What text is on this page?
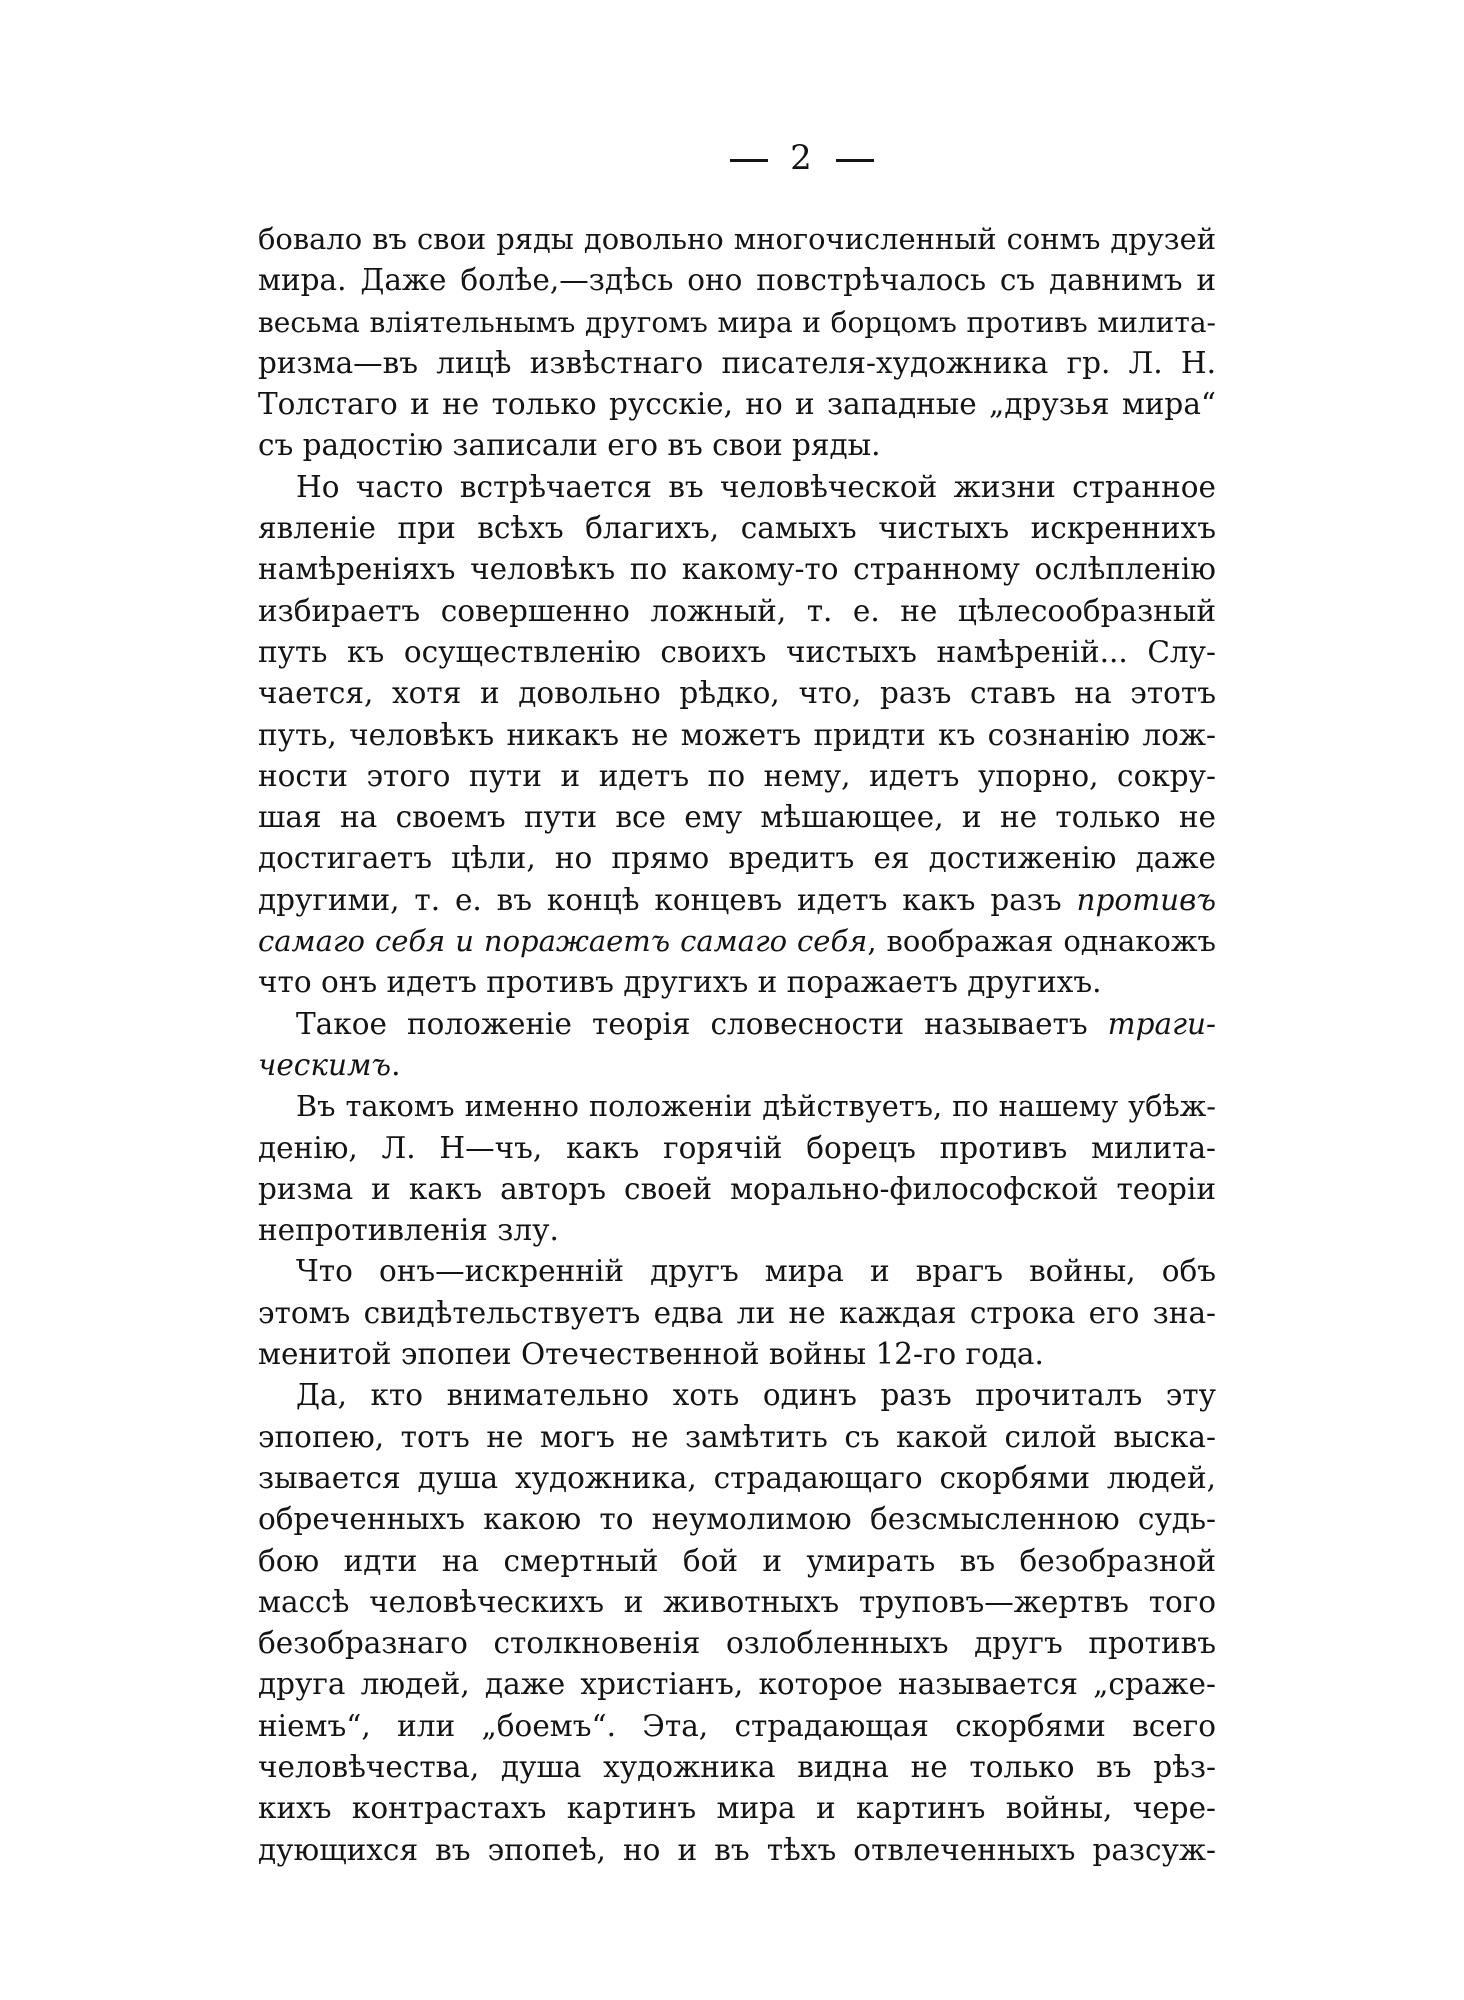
2
бовало въ свои ряды довольно многочисленный сонмъ друзей
мира. Даже болѣе,—здѣсь оно повстрѣчалось съ давнимъ и
весьма влiятельнымъ другомъ мира и борцомъ противъ милита-
ризма—въ лицѣ извѣстнаго писателя-художника гр. Л. Н.
Толстаго и не только русскiе, но и западные „друзья мира“
съ радостiю записали его въ свои ряды.
Но часто встрѣчается въ человѣческой жизни странное
явленiе при всѣхъ благихъ, самыхъ чистыхъ искреннихъ
намѣренiяхъ человѣкъ по какому-то странному ослѣпленiю
избираетъ совершенно ложный, т. е. не цѣлесообразный
путь къ осуществленiю своихъ чистыхъ намѣренiй... Слу-
чается, хотя и довольно рѣдко, что, разъ ставъ на этотъ
путь, человѣкъ никакъ не можетъ придти къ сознанiю лож-
ности этого пути и идетъ по нему, идетъ упорно, сокру-
шая на своемъ пути все ему мѣшающее, и не только не
достигаетъ цѣли, но прямо вредитъ ея достиженiю даже
другими, т. е. въ концѣ концевъ идетъ какъ разъ противъ
самаго себя и поражаетъ самаго себя, воображая однакожъ
что онъ идетъ противъ другихъ и поражаетъ другихъ.
Такое положенiе теорiя словесности называетъ траги-
ческимъ.
Въ такомъ именно положенiи дѣйствуетъ, по нашему убѣж-
денiю, Л. Н—чъ, какъ горячiй борецъ противъ милита-
ризма и какъ авторъ своей морально-философской теорiи
непротивленiя злу.
Что онъ—искреннiй другъ мира и врагъ войны, объ
этомъ свидѣтельствуетъ едва ли не каждая строка его зна-
менитой эпопеи Отечественной войны 12-го года.
Да, кто внимательно хоть одинъ разъ прочиталъ эту
эпопею, тотъ не могъ не замѣтить съ какой силой выска-
зывается душа художника, страдающаго скорбями людей,
обреченныхъ какою то неумолимою безсмысленною судь-
бою идти на смертный бой и умирать въ безобразной
массѣ человѣческихъ и животныхъ труповъ—жертвъ того
безобразнаго столкновенiя озлобленныхъ другъ противъ
друга людей, даже христiанъ, которое называется „сраже-
нiемъ“, или „боемъ“. Эта, страдающая скорбями всего
человѣчества, душа художника видна не только въ рѣз-
кихъ контрастахъ картинъ мира и картинъ войны, чере-
дующихся въ эпопеѣ, но и въ тѣхъ отвлеченныхъ разсуж-
